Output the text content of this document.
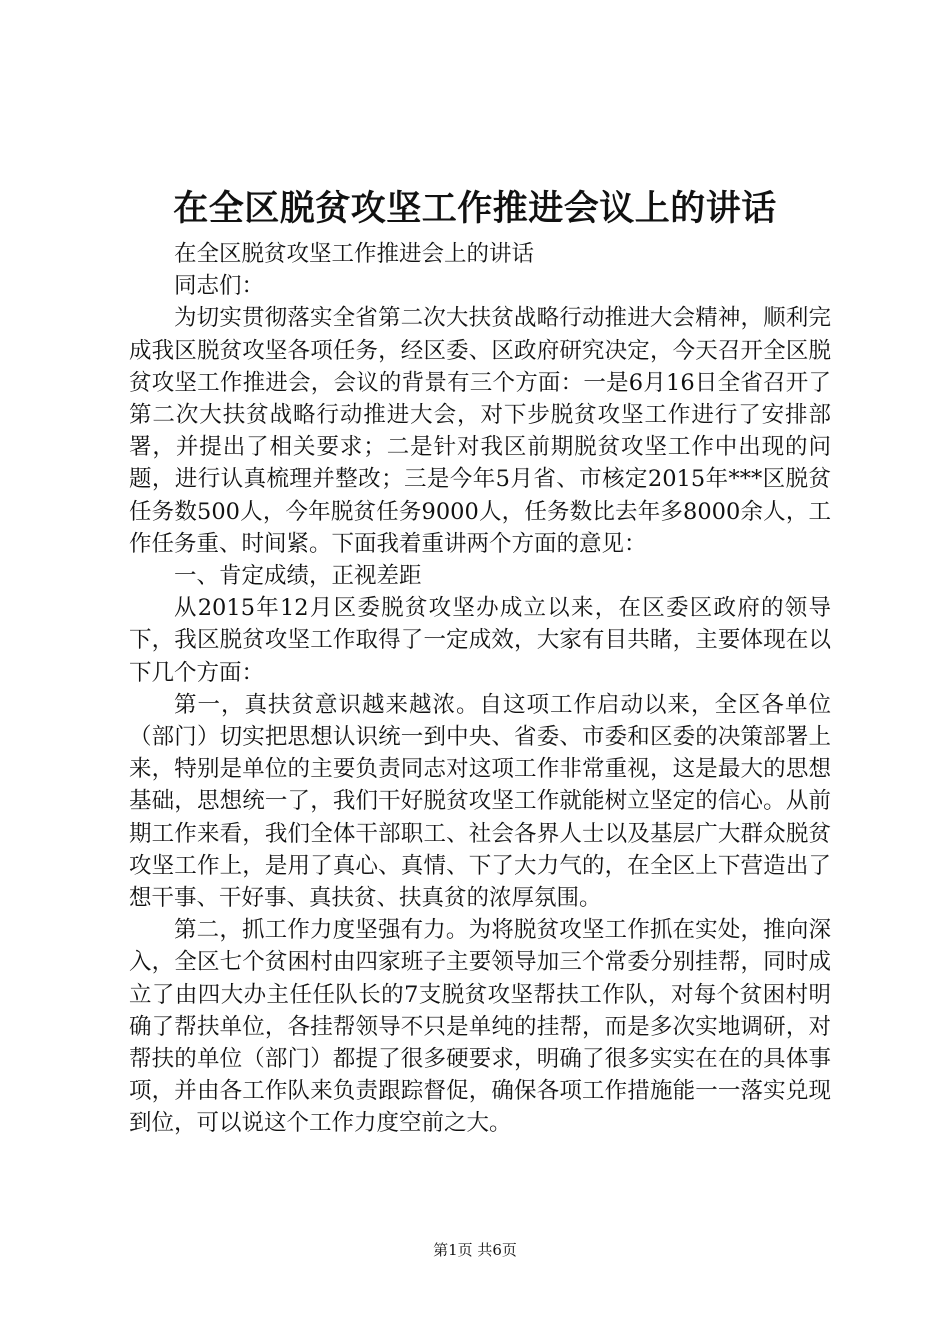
在全区脱贫攻坚工作推进会议上的讲话

在全区脱贫攻坚工作推进会上的讲话

同志们：

为切实贯彻落实全省第二次大扶贫战略行动推进大会精神，顺利完成我区脱贫攻坚各项任务，经区委、区政府研究决定，今天召开全区脱贫攻坚工作推进会，会议的背景有三个方面：一是6月16日全省召开了第二次大扶贫战略行动推进大会，对下步脱贫攻坚工作进行了安排部署，并提出了相关要求；二是针对我区前期脱贫攻坚工作中出现的问题，进行认真梳理并整改；三是今年5月省、市核定2015年***区脱贫任务数500人，今年脱贫任务9000人，任务数比去年多8000余人，工作任务重、时间紧。下面我着重讲两个方面的意见：

一、肯定成绩，正视差距

从2015年12月区委脱贫攻坚办成立以来，在区委区政府的领导下，我区脱贫攻坚工作取得了一定成效，大家有目共睹，主要体现在以下几个方面：

第一，真扶贫意识越来越浓。自这项工作启动以来，全区各单位（部门）切实把思想认识统一到中央、省委、市委和区委的决策部署上来，特别是单位的主要负责同志对这项工作非常重视，这是最大的思想基础，思想统一了，我们干好脱贫攻坚工作就能树立坚定的信心。从前期工作来看，我们全体干部职工、社会各界人士以及基层广大群众脱贫攻坚工作上，是用了真心、真情、下了大力气的，在全区上下营造出了想干事、干好事、真扶贫、扶真贫的浓厚氛围。

第二，抓工作力度坚强有力。为将脱贫攻坚工作抓在实处，推向深入，全区七个贫困村由四家班子主要领导加三个常委分别挂帮，同时成立了由四大办主任任队长的7支脱贫攻坚帮扶工作队，对每个贫困村明确了帮扶单位，各挂帮领导不只是单纯的挂帮，而是多次实地调研，对帮扶的单位（部门）都提了很多硬要求，明确了很多实实在在的具体事项，并由各工作队来负责跟踪督促，确保各项工作措施能一一落实兑现到位，可以说这个工作力度空前之大。

第1页 共6页
